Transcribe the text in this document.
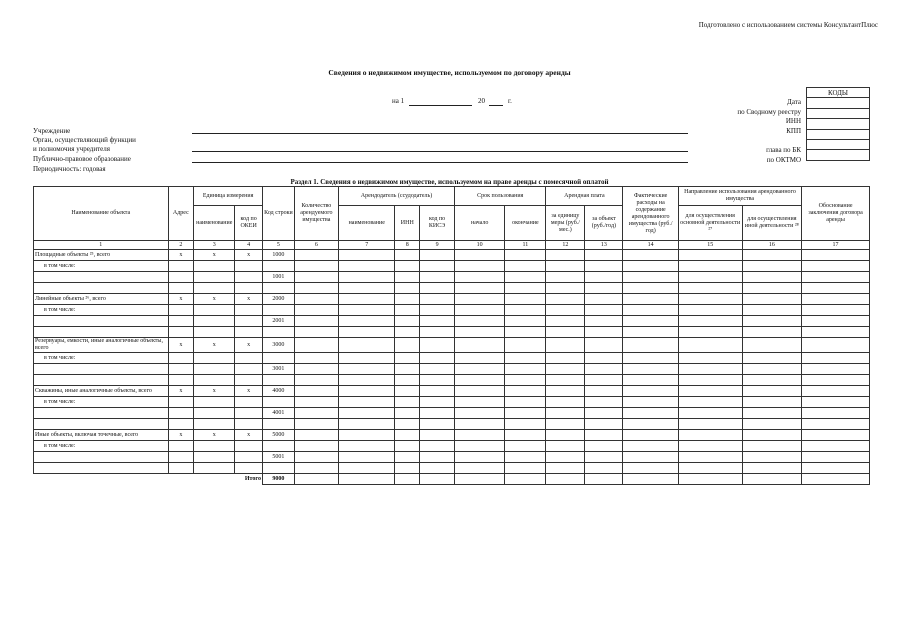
Подготовлено с использованием системы КонсультантПлюс
Сведения о недвижимом имуществе, используемом по договору аренды
на 1	20	г.
КОДЫ

Дата
по Сводному реестру
ИНН
КПП
глава по БК
по ОКТМО
Учреждение
Орган, осуществляющий функции
и полномочия учредителя
Публично-правовое образование
Периодичность: годовая
Раздел 1. Сведения о недвижимом имуществе, используемом на праве аренды с помесячной оплатой
Наименование объекта	Адрес	Единица измерения		Код строки	Количество арендуемого имущества	Арендодатель (ссудодатель)			Срок пользования		Арендная плата		Фактические расходы на содержание арендованного имущества (руб./год)	Направление использования арендованного имущества		Обоснование заключения договора аренды
		наименование	код по ОКЕИ			наименование	ИНН	код по КИСЭ	начало	окончание	за единицу меры (руб./мес.)	за объект (руб./год)		для осуществления основной деятельности ²⁷	для осуществления иной деятельности ²⁸	
1	2	3	4	5	6	7	8	9	10	11	12	13	14	15	16	17
Площадные объекты ²⁵, всего	x	x	x	1000												
в том числе:																
				1001												

Линейные объекты ²⁶, всего	x	x	x	2000												
в том числе:																
				2001												

Резервуары, емкости, иные аналогичные объекты, всего	x	x	x	3000												
в том числе:																
				3001												

Скважины, иные аналогичные объекты, всего	x	x	x	4000												
в том числе:																
				4001												

Иные объекты, включая точечные, всего	x	x	x	5000												
в том числе:																
				5001												

Итого				9000												
